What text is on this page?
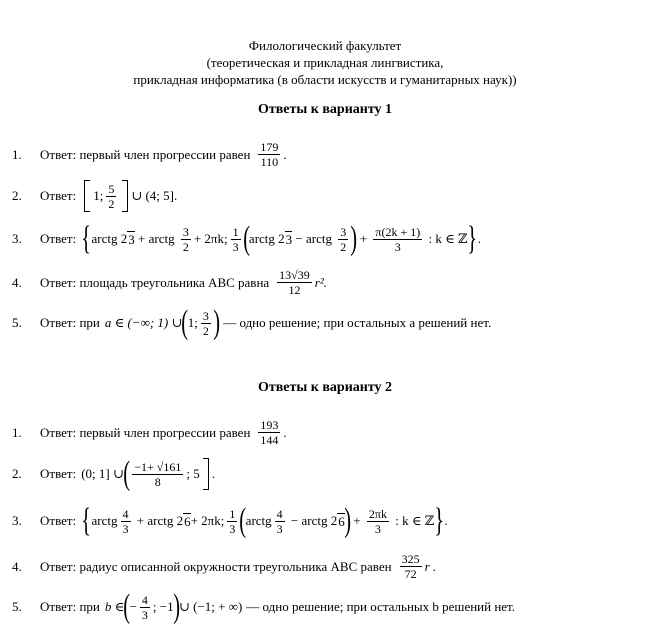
Филологический факультет
(теоретическая и прикладная лингвистика,
прикладная информатика (в области искусств и гуманитарных наук))
Ответы к варианту 1
1.	Ответ: первый член прогрессии равен $\frac{179}{110}$ .
2.	Ответ: 1; $\frac{5}{2}$ ∪ (4; 5].
3.	Ответ: { arctg 2 3 + arctg $\frac{3}{2} + 2\pi k$; $\frac{1}{3}$ ( arctg 2 3 − arctg $\frac{3}{2}$ ) + $\frac{\pi(2k + 1)}{3}$ : k ∈ ℤ } .
4.	Ответ: площадь треугольника ABC равна $\frac{13√39}{12} r^2$.
5.	Ответ: при a ∈ (−∞; 1) ∪ ( 1; $\frac{3}{2}$ ) — одно решение; при остальных a решений нет.
Ответы к варианту 2
1.	Ответ: первый член прогрессии равен $\frac{193}{144}$ .
2.	Ответ: (0; 1] ∪ ( $\frac{-1+ √161}{8}$ ; 5 .
3.	Ответ: { arctg $\frac{4}{3}$ + arctg 2 6 + 2πk; $\frac{1}{3}$ ( arctg $\frac{4}{3}$ − arctg 2 6 ) + $\frac{2\pi k}{3}$ : k ∈ ℤ } .
4.	Ответ: радиус описанной окружности треугольника ABC равен $\frac{325}{72}$ r .
5.	Ответ: при b ∈ ( − $\frac{4}{3}$ ; −1 ) ∪ (−1; + ∞) — одно решение; при остальных b решений нет.
